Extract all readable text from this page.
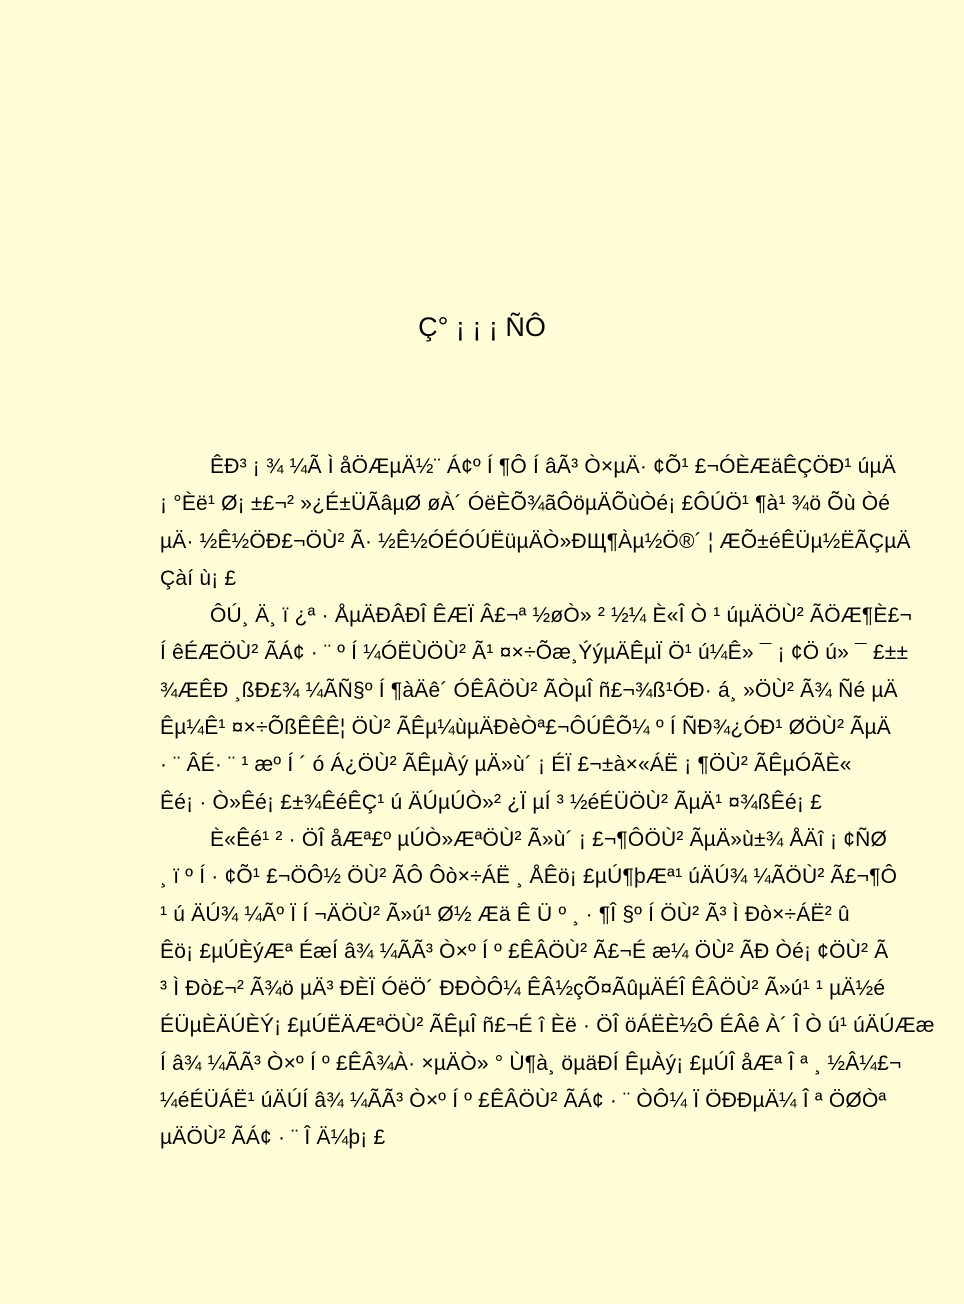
Ç° ¡ ¡ ¡ ÑÔ
ÊÐ³ ¡ ¾ ¼Ã Ì åÖÆµÄ½¨ Á¢º Í ¶Ô Í âÃ³ Ò×µÄ· ¢Õ¹ £¬ÓÈÆäÊÇÖÐ¹ úµÄ
¡ °Èë¹ Ø¡ ±£¬² »¿É±ÜÃâµØ øÀ´ ÓëÈÕ¾ãÔöµÄÕùÒé¡ £ÔÚÖ¹ ¶à¹ ¾ö Õù Òé
µÄ· ½Ê½ÖÐ£¬ÖÙ² Ã· ½Ê½ÓÉÓÚËüµÄÒ»ÐЩ¶Àµ½Ö®´ ¦ ÆÕ±éÊÜµ½ËÃÇµÄ
Çàí ù¡ £
ÔÚ¸ Ä¸ ï ¿ª · ÅµÄÐÂÐÎ ÊÆÏ Â£¬ª ½øÒ» ² ½¼ È«Î Ò ¹ úµÄÖÙ² ÃÖÆ¶È£¬
Í êÉÆÖÙ² ÃÁ¢ · ¨ º Í ¼ÓËÙÖÙ² Ã¹ ¤×÷Õæ¸ÝýµÄÊµÏ Ö¹ ú¼Ê» ¯ ¡ ¢Ö ú» ¯ £±±
¾ÆÊÐ ¸ßÐ£¾ ¼ÃÑ§º Í ¶àÄê´ ÓÊÂÖÙ² ÃÒµÎ ñ£¬¾ß¹ÓÐ· á¸ »ÖÙ² Ã¾ Ñé µÄ
Êµ¼Ê¹ ¤×÷ÕßÊÊÊ¦ ÖÙ² ÃÊµ¼ùµÄÐèÒª£¬ÔÚÊÕ¼ º Í ÑÐ¾¿ÓÐ¹ ØÖÙ² ÃµÄ
· ¨ ÂÉ· ¨ ¹ æº Í ´ ó Á¿ÖÙ² ÃÊµÀý µÄ»ù´ ¡ ÉÏ £¬±à×«ÁË ¡ ¶ÖÙ² ÃÊµÓÃÈ«
Êé¡ · Ò»Êé¡ £±¾ÊéÊÇ¹ ú ÄÚµÚÒ»² ¿Ï µÍ ³ ½éÉÜÖÙ² ÃµÄ¹ ¤¾ßÊé¡ £
È«Êé¹ ² · ÖÎ åÆª£º µÚÒ»ÆªÖÙ² Ã»ù´ ¡ £¬¶ÔÖÙ² ÃµÄ»ù±¾ ÅÄî ¡ ¢ÑØ
¸ ï º Í · ¢Õ¹ £¬ÖÔ½ ÖÙ² ÃÔ Ôò×÷ÁË ¸ ÅÊö¡ £µÚ¶þÆª¹ úÄÚ¾ ¼ÃÖÙ² Ã£¬¶Ô
¹ ú ÄÚ¾ ¼Ãº Ï Í ¬ÄÖÙ² Ã»ú¹ Ø½ Æä Ê Ü º ¸ · ¶Î §º Í ÖÙ² Ã³ Ì Ðò×÷ÁË² û
Êö¡ £µÚÈýÆª ÉæÍ â¾ ¼ÃÃ³ Ò×º Í º £ÊÂÖÙ² Ã£¬É æ¼ ÖÙ² ÃÐ Òé¡ ¢ÖÙ² Ã
³ Ì Ðò£¬² Ã¾ö µÄ³ ÐÈÏ ÓëÖ´ ÐÐÒÔ¼ ÊÂ½çÕ¤ÃûµÄÉÎ ÊÂÖÙ² Ã»ú¹ ¹ µÄ½é
ÉÜµÈÄÚÈÝ¡ £µÚËÄÆªÖÙ² ÃÊµÎ ñ£¬É î Èë · ÖÎ öÁËÈ½Ô ÉÂê À´ Î Ò ú¹ úÄÚÆæ
Í â¾ ¼ÃÃ³ Ò×º Í º £ÊÂ¾À· ×µÄÒ» ° Ù¶à¸ öµäÐÍ ÊµÀý¡ £µÚÎ åÆª Î ª ¸ ½Â¼£¬
¼éÉÜÁË¹ úÄÚÍ â¾ ¼ÃÃ³ Ò×º Í º £ÊÂÖÙ² ÃÁ¢ · ¨ ÒÔ¼ Ï ÖÐÐµÄ¼ Î ª ÖØÒª
µÄÖÙ² ÃÁ¢ · ¨ Î Ä¼þ¡ £
